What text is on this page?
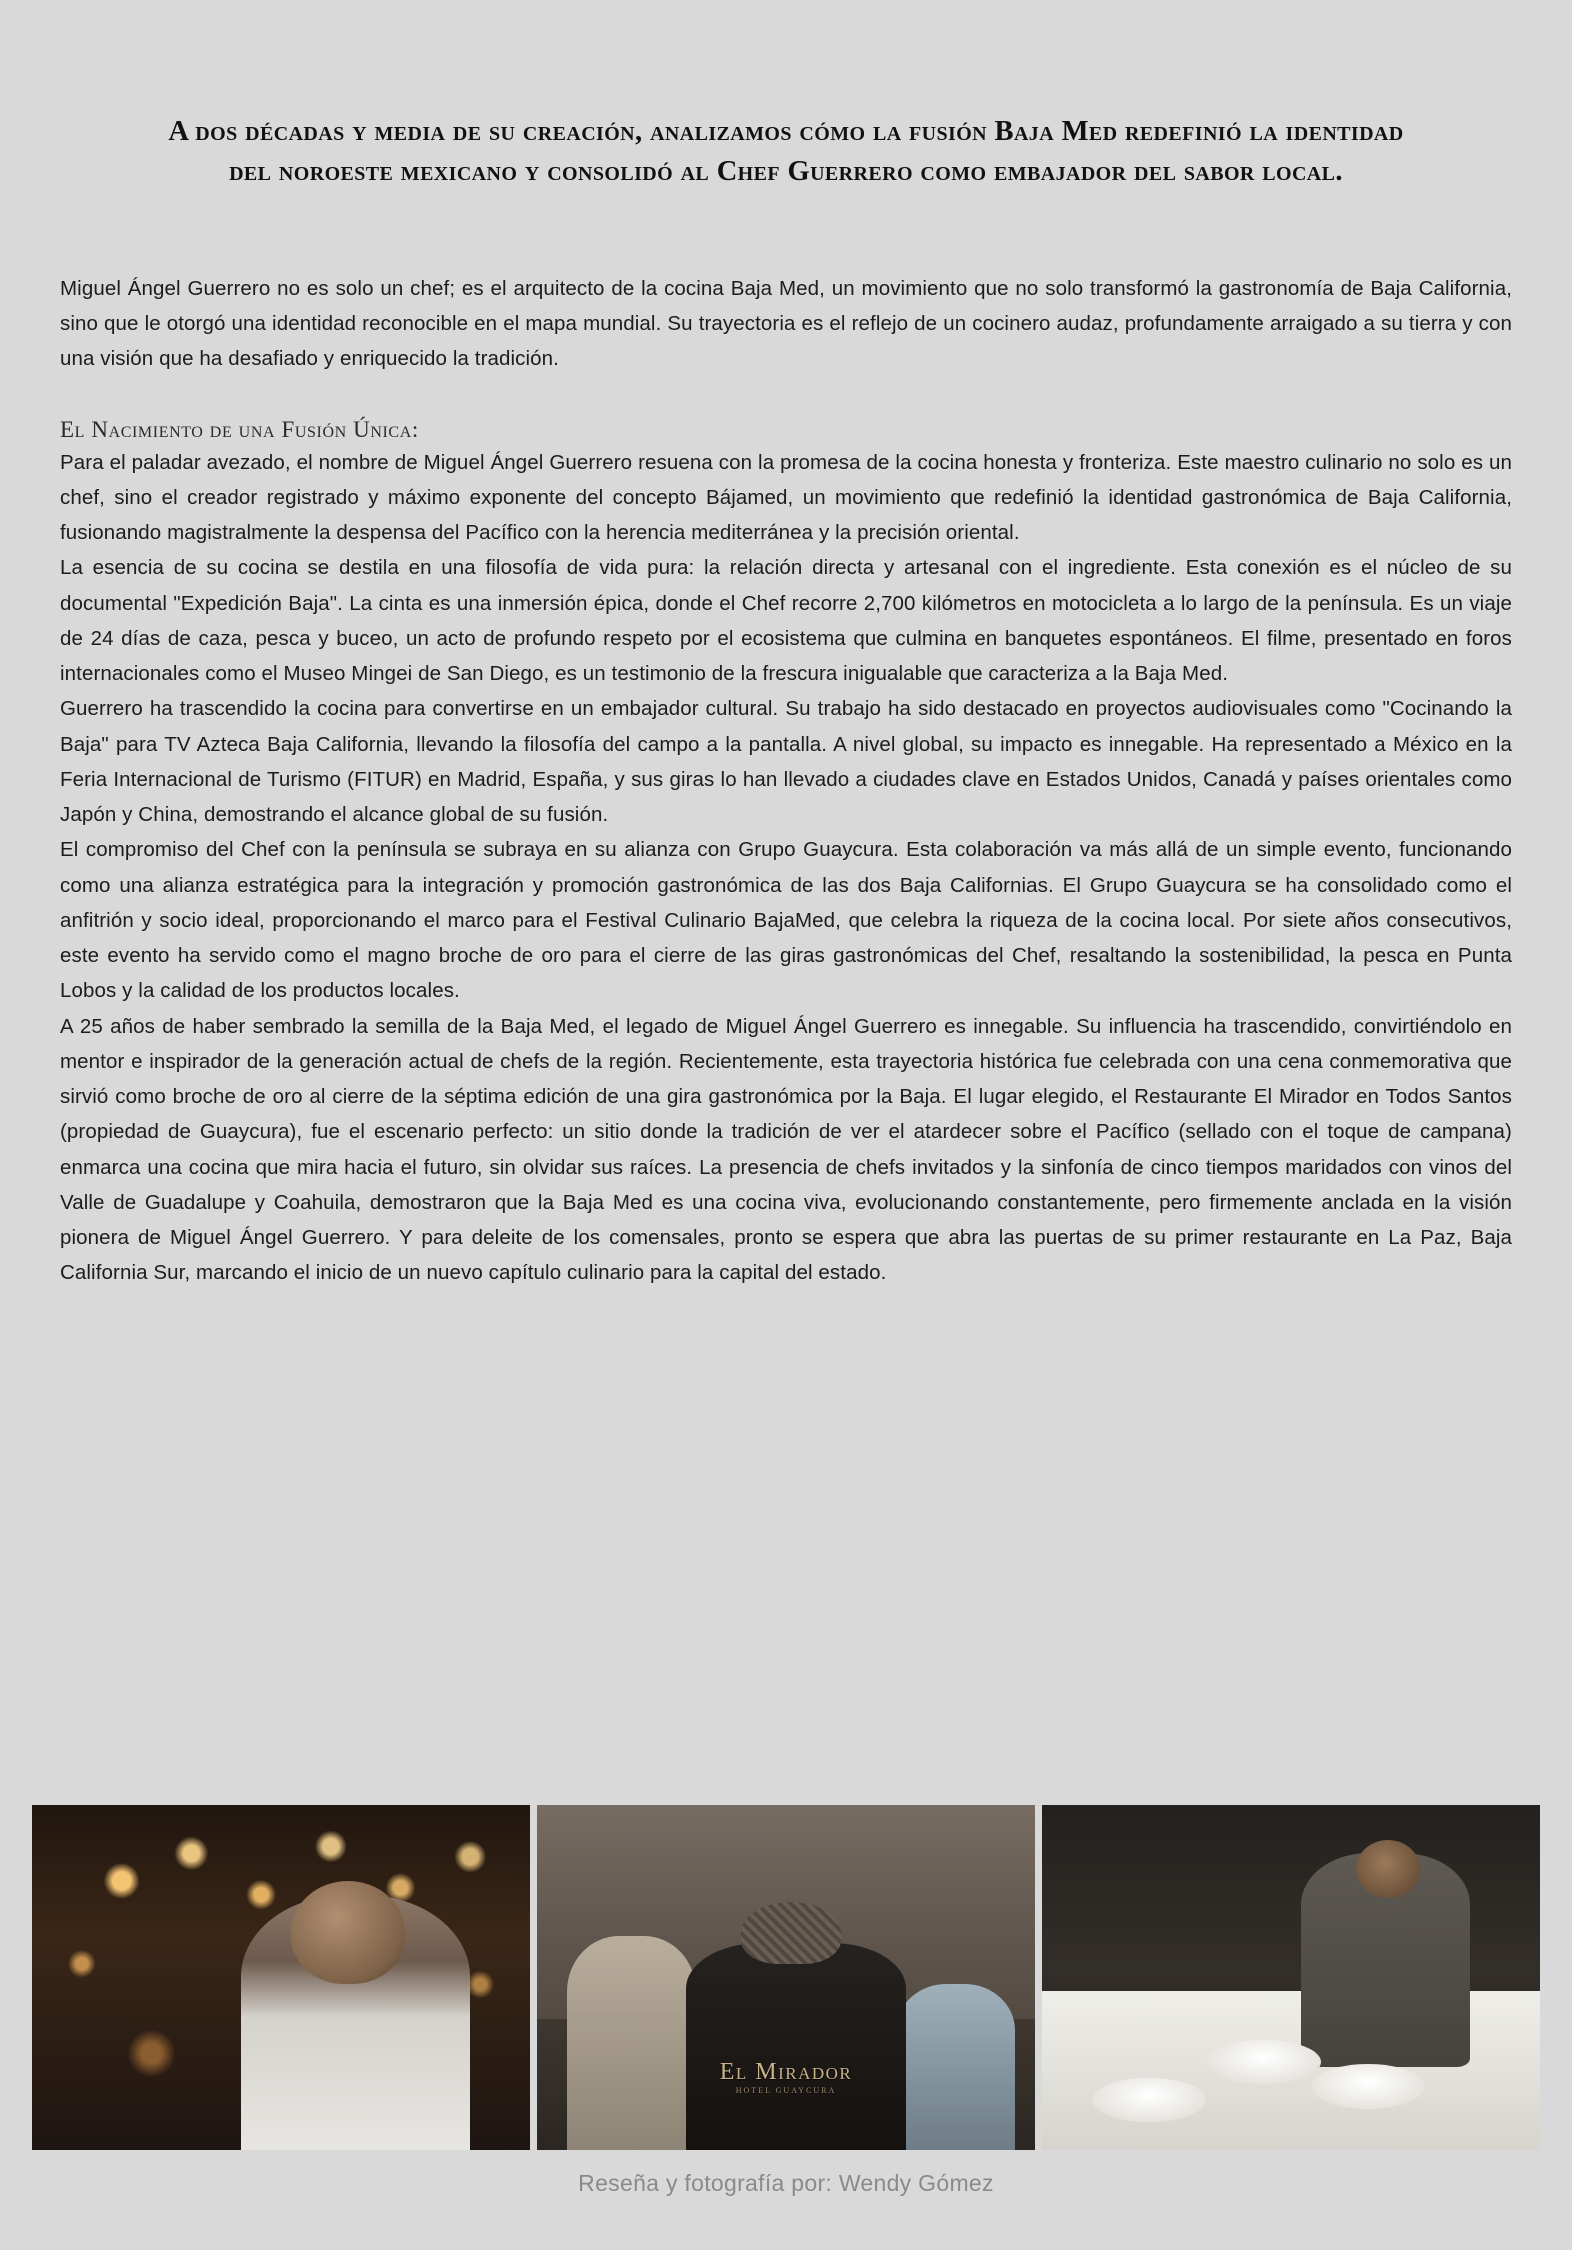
A dos décadas y media de su creación, analizamos cómo la fusión Baja Med redefinió la identidad del noroeste mexicano y consolidó al Chef Guerrero como embajador del sabor local.

Miguel Ángel Guerrero no es solo un chef; es el arquitecto de la cocina Baja Med, un movimiento que no solo transformó la gastronomía de Baja California, sino que le otorgó una identidad reconocible en el mapa mundial. Su trayectoria es el reflejo de un cocinero audaz, profundamente arraigado a su tierra y con una visión que ha desafiado y enriquecido la tradición.

El Nacimiento de una Fusión Única:

Para el paladar avezado, el nombre de Miguel Ángel Guerrero resuena con la promesa de la cocina honesta y fronteriza. Este maestro culinario no solo es un chef, sino el creador registrado y máximo exponente del concepto Bájamed, un movimiento que redefinió la identidad gastronómica de Baja California, fusionando magistralmente la despensa del Pacífico con la herencia mediterránea y la precisión oriental.

La esencia de su cocina se destila en una filosofía de vida pura: la relación directa y artesanal con el ingrediente. Esta conexión es el núcleo de su documental "Expedición Baja". La cinta es una inmersión épica, donde el Chef recorre 2,700 kilómetros en motocicleta a lo largo de la península. Es un viaje de 24 días de caza, pesca y buceo, un acto de profundo respeto por el ecosistema que culmina en banquetes espontáneos. El filme, presentado en foros internacionales como el Museo Mingei de San Diego, es un testimonio de la frescura inigualable que caracteriza a la Baja Med.

Guerrero ha trascendido la cocina para convertirse en un embajador cultural. Su trabajo ha sido destacado en proyectos audiovisuales como "Cocinando la Baja" para TV Azteca Baja California, llevando la filosofía del campo a la pantalla. A nivel global, su impacto es innegable. Ha representado a México en la Feria Internacional de Turismo (FITUR) en Madrid, España, y sus giras lo han llevado a ciudades clave en Estados Unidos, Canadá y países orientales como Japón y China, demostrando el alcance global de su fusión.

El compromiso del Chef con la península se subraya en su alianza con Grupo Guaycura. Esta colaboración va más allá de un simple evento, funcionando como una alianza estratégica para la integración y promoción gastronómica de las dos Baja Californias. El Grupo Guaycura se ha consolidado como el anfitrión y socio ideal, proporcionando el marco para el Festival Culinario BajaMed, que celebra la riqueza de la cocina local. Por siete años consecutivos, este evento ha servido como el magno broche de oro para el cierre de las giras gastronómicas del Chef, resaltando la sostenibilidad, la pesca en Punta Lobos y la calidad de los productos locales.

A 25 años de haber sembrado la semilla de la Baja Med, el legado de Miguel Ángel Guerrero es innegable. Su influencia ha trascendido, convirtiéndolo en mentor e inspirador de la generación actual de chefs de la región. Recientemente, esta trayectoria histórica fue celebrada con una cena conmemorativa que sirvió como broche de oro al cierre de la séptima edición de una gira gastronómica por la Baja. El lugar elegido, el Restaurante El Mirador en Todos Santos (propiedad de Guaycura), fue el escenario perfecto: un sitio donde la tradición de ver el atardecer sobre el Pacífico (sellado con el toque de campana) enmarca una cocina que mira hacia el futuro, sin olvidar sus raíces. La presencia de chefs invitados y la sinfonía de cinco tiempos maridados con vinos del Valle de Guadalupe y Coahuila, demostraron que la Baja Med es una cocina viva, evolucionando constantemente, pero firmemente anclada en la visión pionera de Miguel Ángel Guerrero. Y para deleite de los comensales, pronto se espera que abra las puertas de su primer restaurante en La Paz, Baja California Sur, marcando el inicio de un nuevo capítulo culinario para la capital del estado.

El Mirador
HOTEL GUAYCURA
Reseña y fotografía por: Wendy Gómez
